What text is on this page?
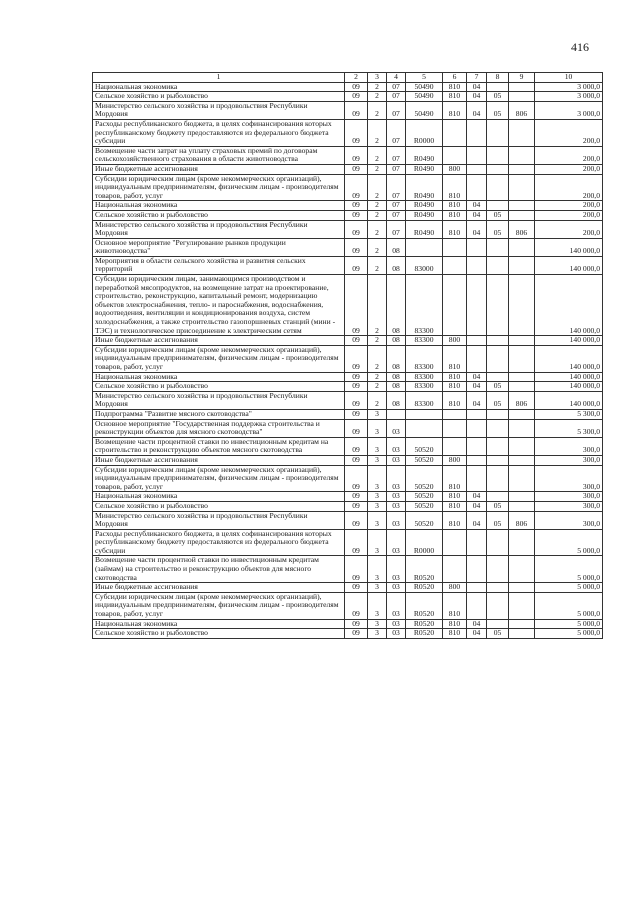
416
1	2	3	4	5	6	7	8	9	10
Национальная экономика	09	2	07	50490	810	04			3 000,0
Сельское хозяйство и рыболовство	09	2	07	50490	810	04	05		3 000,0
Министерство сельского хозяйства и продовольствия Республики Мордовия	09	2	07	50490	810	04	05	806	3 000,0
Расходы республиканского бюджета, в целях софинансирования которых республиканскому бюджету предоставляются из федерального бюджета субсидии	09	2	07	R0000					200,0
Возмещение части затрат на уплату страховых премий по договорам сельскохозяйственного страхования в области животноводства	09	2	07	R0490					200,0
Иные бюджетные ассигнования	09	2	07	R0490	800				200,0
Субсидии юридическим лицам (кроме некоммерческих организаций), индивидуальным предпринимателям, физическим лицам - производителям товаров, работ, услуг	09	2	07	R0490	810				200,0
Национальная экономика	09	2	07	R0490	810	04			200,0
Сельское хозяйство и рыболовство	09	2	07	R0490	810	04	05		200,0
Министерство сельского хозяйства и продовольствия Республики Мордовия	09	2	07	R0490	810	04	05	806	200,0
Основное мероприятие "Регулирование рынков продукции животноводства"	09	2	08						140 000,0
Мероприятия в области сельского хозяйства и развития сельских территорий	09	2	08	83000					140 000,0
Субсидии юридическим лицам, занимающимся производством и переработкой мясопродуктов, на возмещение затрат на проектирование, строительство, реконструкцию, капитальный ремонт, модернизацию объектов электроснабжения, тепло- и пароснабжения, водоснабжения, водоотведения, вентиляции и кондиционирования воздуха, систем холодоснабжения, а также строительство газопоршневых станций (мини - ТЭС) и технологическое присоединение к электрическим сетям	09	2	08	83300					140 000,0
Иные бюджетные ассигнования	09	2	08	83300	800				140 000,0
Субсидии юридическим лицам (кроме некоммерческих организаций), индивидуальным предпринимателям, физическим лицам - производителям товаров, работ, услуг	09	2	08	83300	810				140 000,0
Национальная экономика	09	2	08	83300	810	04			140 000,0
Сельское хозяйство и рыболовство	09	2	08	83300	810	04	05		140 000,0
Министерство сельского хозяйства и продовольствия Республики Мордовия	09	2	08	83300	810	04	05	806	140 000,0
Подпрограмма "Развитие мясного скотоводства"	09	3							5 300,0
Основное мероприятие "Государственная поддержка строительства и реконструкции объектов для мясного скотоводства"	09	3	03						5 300,0
Возмещение части процентной ставки по инвестиционным кредитам на строительство и реконструкцию объектов мясного скотоводства	09	3	03	50520					300,0
Иные бюджетные ассигнования	09	3	03	50520	800				300,0
Субсидии юридическим лицам (кроме некоммерческих организаций), индивидуальным предпринимателям, физическим лицам - производителям товаров, работ, услуг	09	3	03	50520	810				300,0
Национальная экономика	09	3	03	50520	810	04			300,0
Сельское хозяйство и рыболовство	09	3	03	50520	810	04	05		300,0
Министерство сельского хозяйства и продовольствия Республики Мордовия	09	3	03	50520	810	04	05	806	300,0
Расходы республиканского бюджета, в целях софинансирования которых республиканскому бюджету предоставляются из федерального бюджета субсидии	09	3	03	R0000					5 000,0
Возмещение части процентной ставки по инвестиционным кредитам (займам) на строительство и реконструкцию объектов для мясного скотоводства	09	3	03	R0520					5 000,0
Иные бюджетные ассигнования	09	3	03	R0520	800				5 000,0
Субсидии юридическим лицам (кроме некоммерческих организаций), индивидуальным предпринимателям, физическим лицам - производителям товаров, работ, услуг	09	3	03	R0520	810				5 000,0
Национальная экономика	09	3	03	R0520	810	04			5 000,0
Сельское хозяйство и рыболовство	09	3	03	R0520	810	04	05		5 000,0
